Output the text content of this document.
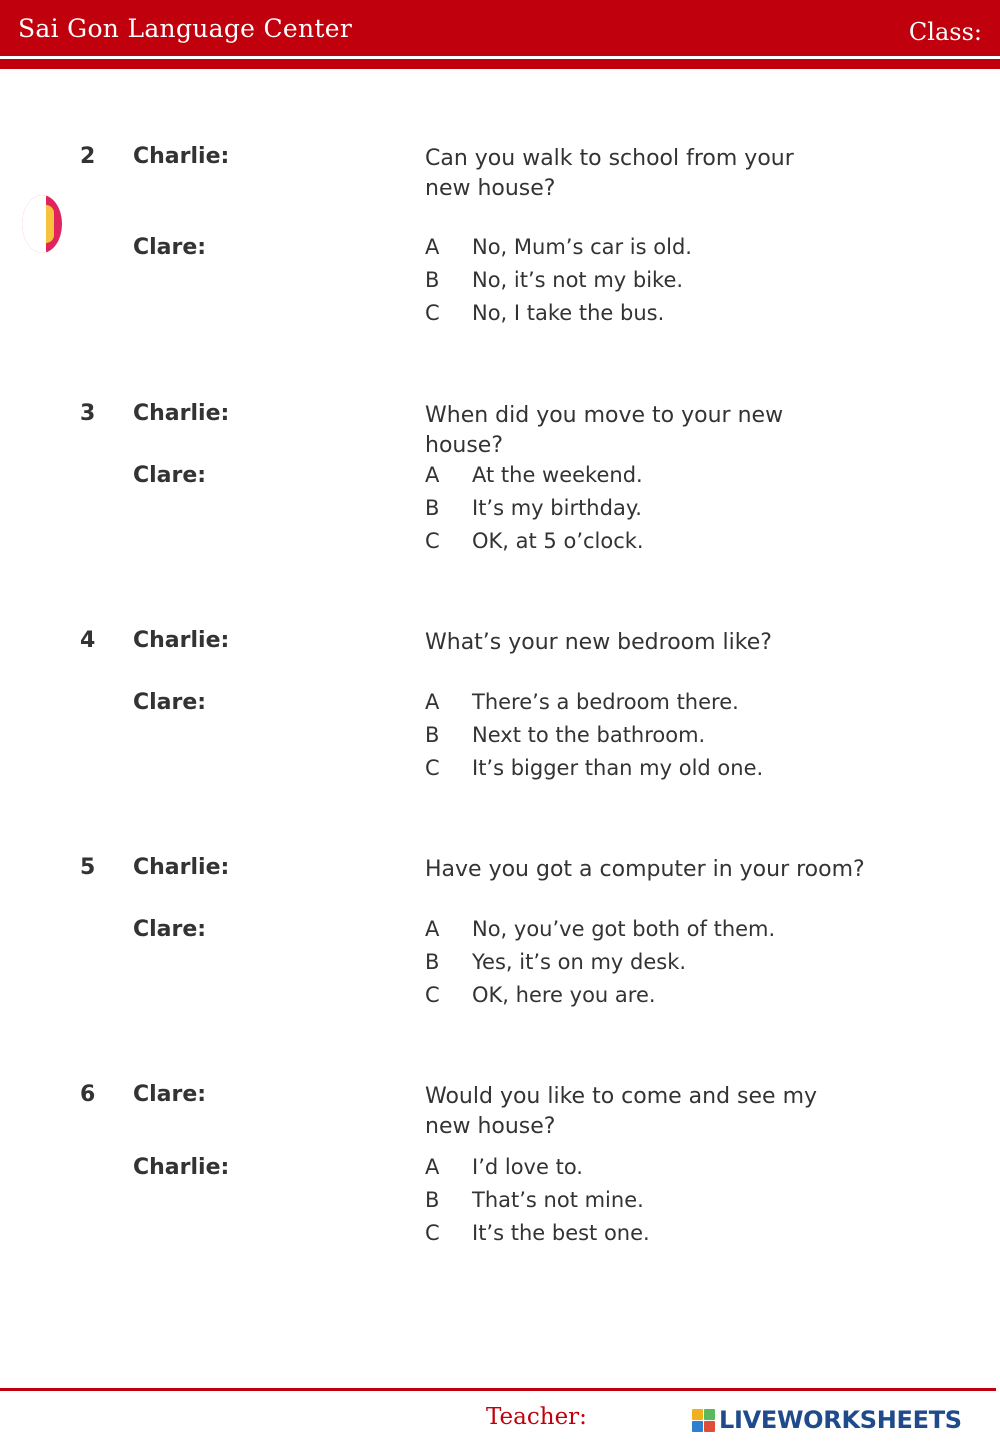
Sai Gon Language Center	Class:
2 Charlie:	Can you walk to school from your
new house?
Clare:	A No, Mum’s car is old.
B No, it’s not my bike.
C No, I take the bus.
3 Charlie:	When did you move to your new house?
Clare:	A At the weekend.
B It’s my birthday.
C OK, at 5 o’clock.
4 Charlie:	What’s your new bedroom like?
Clare:	A There’s a bedroom there.
B Next to the bathroom.
C It’s bigger than my old one.
5 Charlie:	Have you got a computer in your room?
Clare:	A No, you’ve got both of them.
B Yes, it’s on my desk.
C OK, here you are.
6 Clare:	Would you like to come and see my
new house?
Charlie:	A I’d love to.
B That’s not mine.
C It’s the best one.
Teacher:	LIVEWORKSHEETS
